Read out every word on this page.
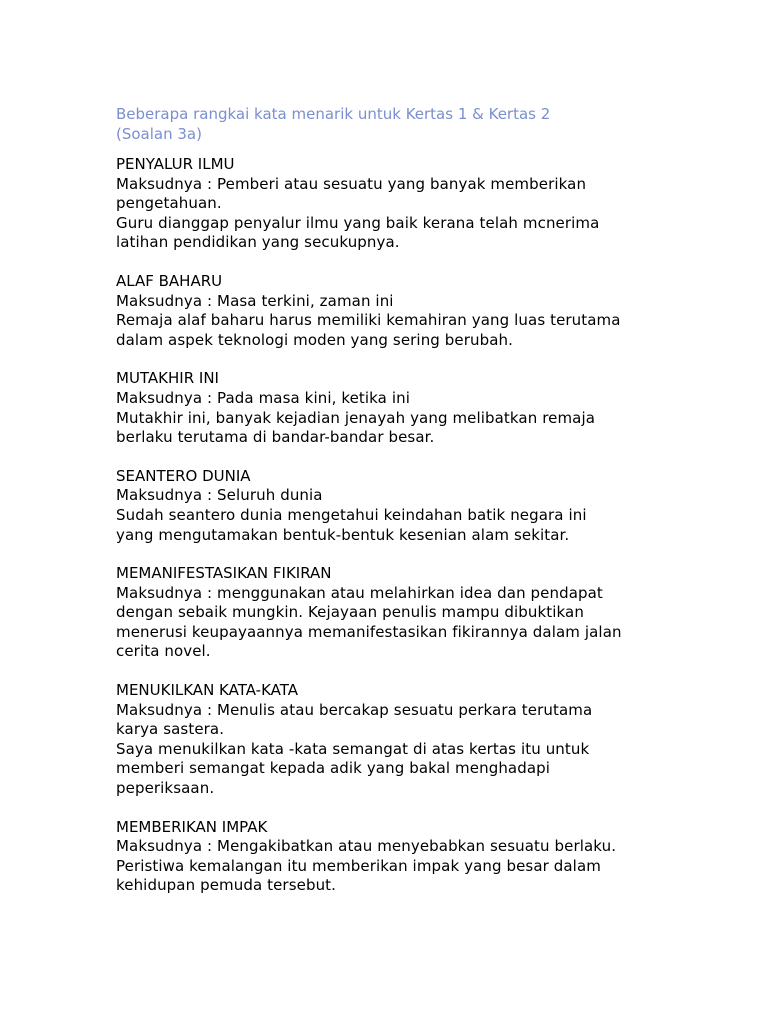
Beberapa rangkai kata menarik untuk Kertas 1 & Kertas 2
(Soalan 3a)

PENYALUR ILMU

Maksudnya : Pemberi atau sesuatu yang banyak memberikan
pengetahuan.
Guru dianggap penyalur ilmu yang baik kerana telah mcnerima
latihan pendidikan yang secukupnya.

ALAF BAHARU

Maksudnya : Masa terkini, zaman ini
Remaja alaf baharu harus memiliki kemahiran yang luas terutama
dalam aspek teknologi moden yang sering berubah.

MUTAKHIR INI

Maksudnya : Pada masa kini, ketika ini
Mutakhir ini, banyak kejadian jenayah yang melibatkan remaja
berlaku terutama di bandar-bandar besar.

SEANTERO DUNIA

Maksudnya : Seluruh dunia
Sudah seantero dunia mengetahui keindahan batik negara ini
yang mengutamakan bentuk-bentuk kesenian alam sekitar.

MEMANIFESTASIKAN FIKIRAN

Maksudnya : menggunakan atau melahirkan idea dan pendapat
dengan sebaik mungkin. Kejayaan penulis mampu dibuktikan
menerusi keupayaannya memanifestasikan fikirannya dalam jalan
cerita novel.

MENUKILKAN KATA-KATA

Maksudnya : Menulis atau bercakap sesuatu perkara terutama
karya sastera.
Saya menukilkan kata -kata semangat di atas kertas itu untuk
memberi semangat kepada adik yang bakal menghadapi
peperiksaan.

MEMBERIKAN IMPAK

Maksudnya : Mengakibatkan atau menyebabkan sesuatu berlaku.
Peristiwa kemalangan itu memberikan impak yang besar dalam
kehidupan pemuda tersebut.
